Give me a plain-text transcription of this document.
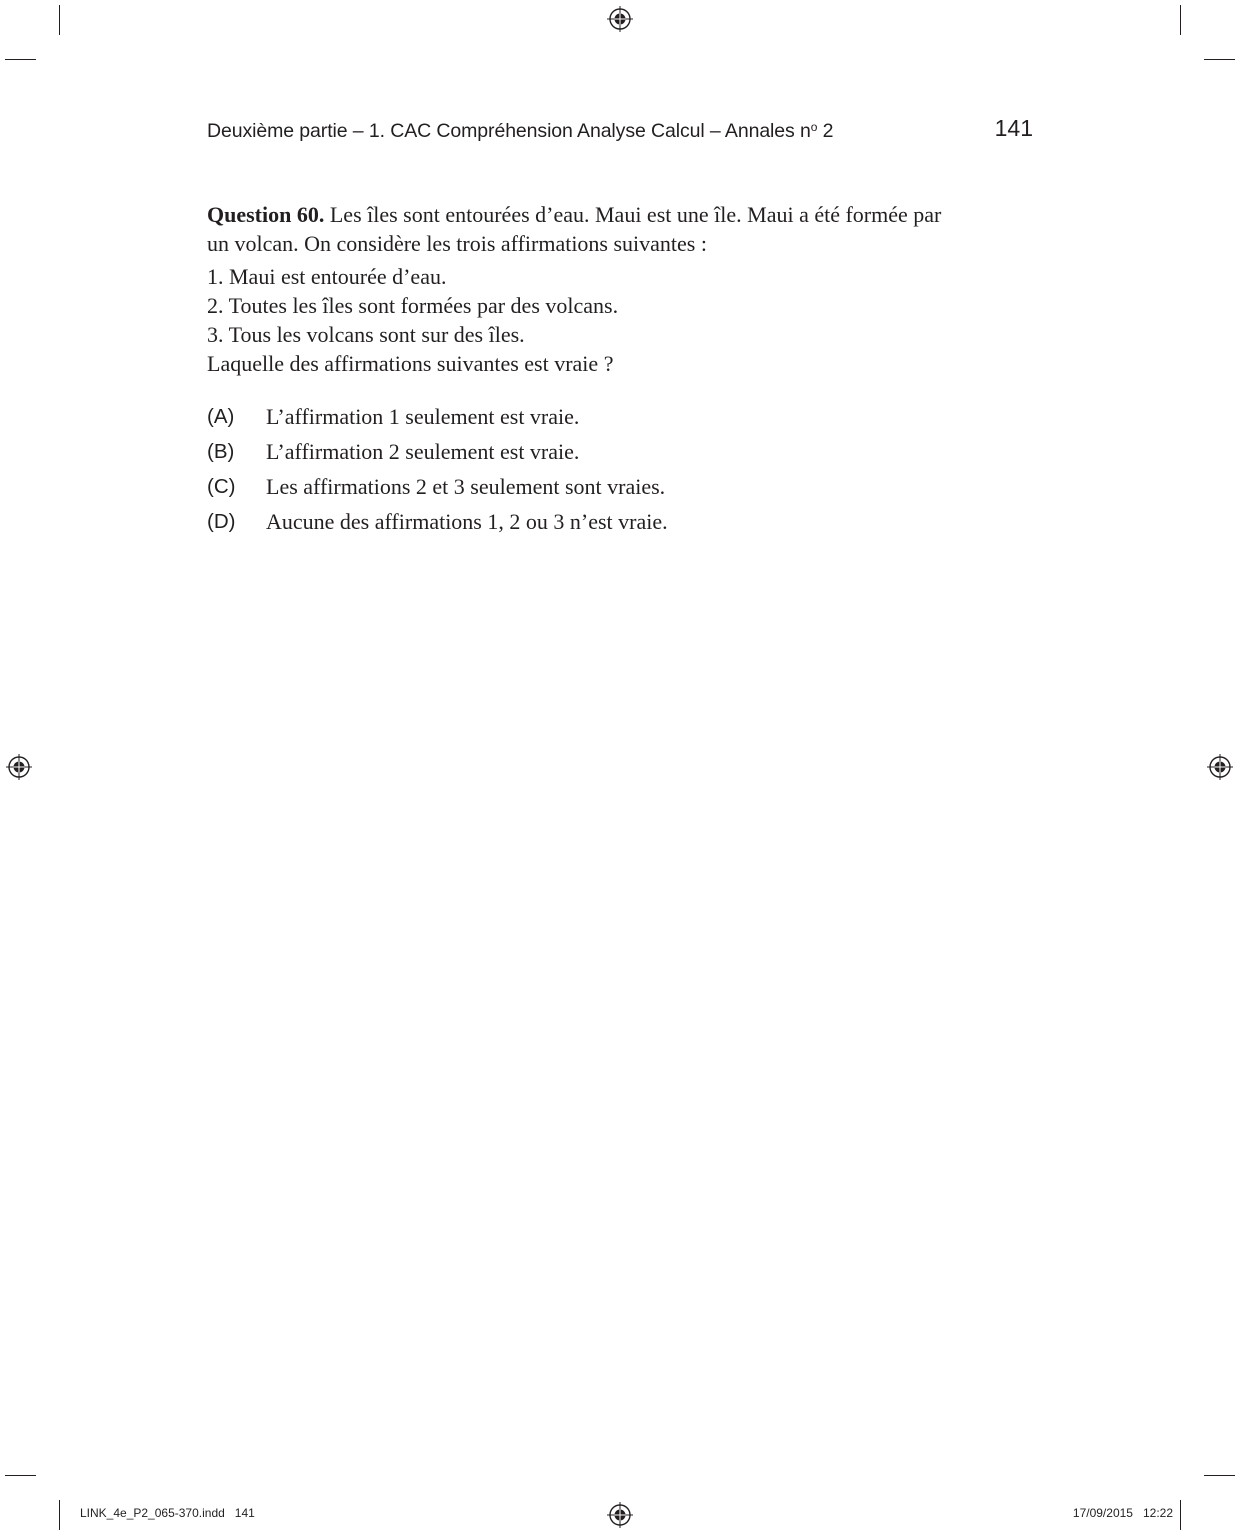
Deuxième partie – 1. CAC Compréhension Analyse Calcul – Annales $n^o$ 2	141

Question 60. Les îles sont entourées d’eau. Maui est une île. Maui a été formée par

un volcan. On considère les trois affirmations suivantes :

1. Maui est entourée d’eau.

2. Toutes les îles sont formées par des volcans.

3. Tous les volcans sont sur des îles.

Laquelle des affirmations suivantes est vraie ?

(A) L’affirmation 1 seulement est vraie.
(B) L’affirmation 2 seulement est vraie.
(C) Les affirmations 2 et 3 seulement sont vraies.
(D) Aucune des affirmations 1, 2 ou 3 n’est vraie.
LINK_4e_P2_065-370.indd   141	17/09/2015   12:22
